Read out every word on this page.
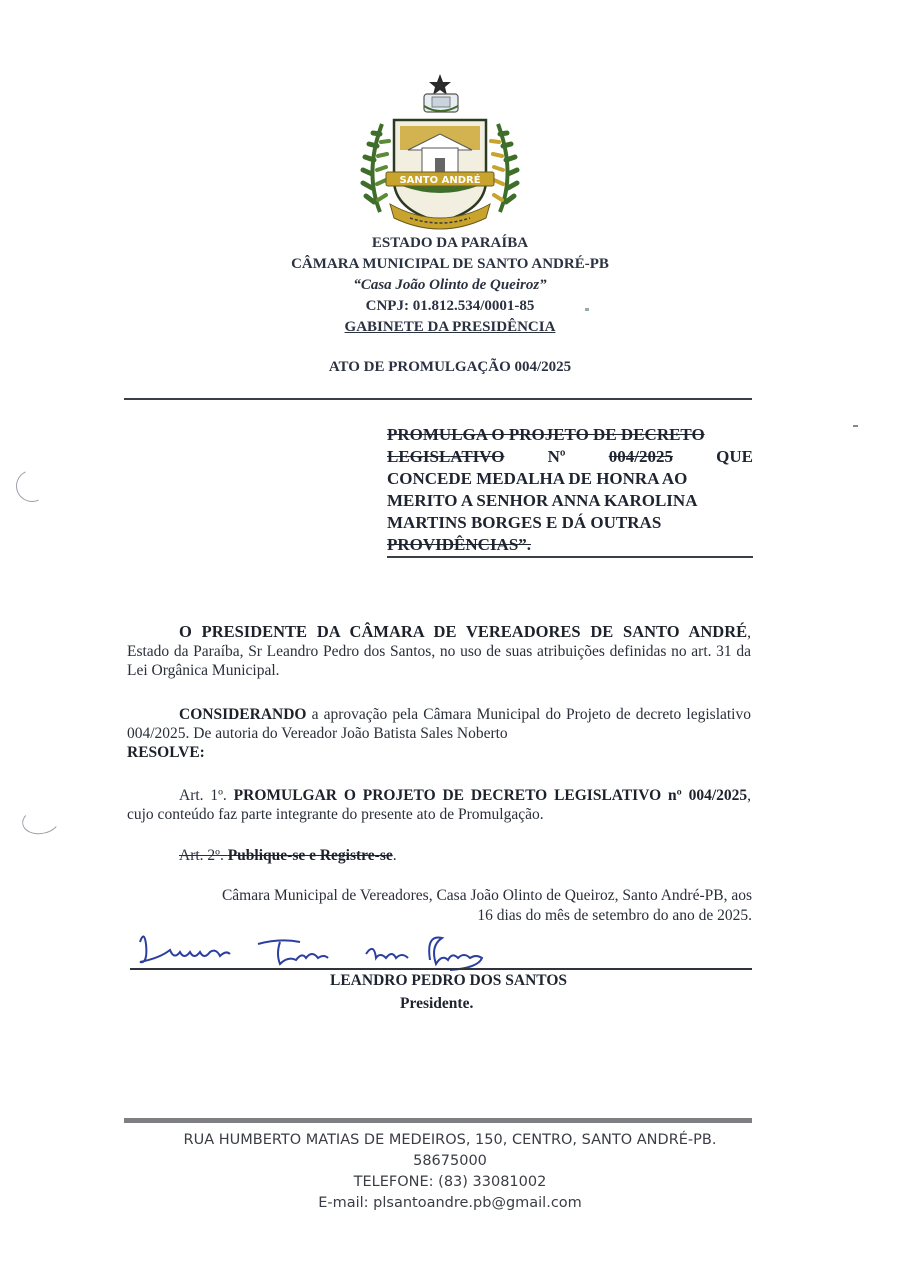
SANTO ANDRÉ
ESTADO DA PARAÍBA
CÂMARA MUNICIPAL DE SANTO ANDRÉ-PB
“Casa João Olinto de Queiroz”
CNPJ: 01.812.534/0001-85
GABINETE DA PRESIDÊNCIA
ATO DE PROMULGAÇÃO 004/2025
PROMULGA O PROJETO DE DECRETO
LEGISLATIVO	Nº	004/2025	QUE
CONCEDE MEDALHA DE HONRA AO
MERITO A SENHOR ANNA KAROLINA
MARTINS BORGES E DÁ OUTRAS
PROVIDÊNCIAS”.
O PRESIDENTE DA CÂMARA DE VEREADORES DE SANTO ANDRÉ, Estado da Paraíba, Sr Leandro Pedro dos Santos, no uso de suas atribuições definidas no art. 31 da Lei Orgânica Municipal.
CONSIDERANDO a aprovação pela Câmara Municipal do Projeto de decreto legislativo 004/2025. De autoria do Vereador João Batista Sales Noberto
RESOLVE:
Art. 1º. PROMULGAR O PROJETO DE DECRETO LEGISLATIVO nº 004/2025, cujo conteúdo faz parte integrante do presente ato de Promulgação.
Art. 2º. Publique-se e Registre-se.
Câmara Municipal de Vereadores, Casa João Olinto de Queiroz, Santo André-PB, aos
16 dias do mês de setembro do ano de 2025.
LEANDRO PEDRO DOS SANTOS
Presidente.
RUA HUMBERTO MATIAS DE MEDEIROS, 150, CENTRO, SANTO ANDRÉ-PB.
58675000
TELEFONE: (83) 33081002
E-mail: plsantoandre.pb@gmail.com
